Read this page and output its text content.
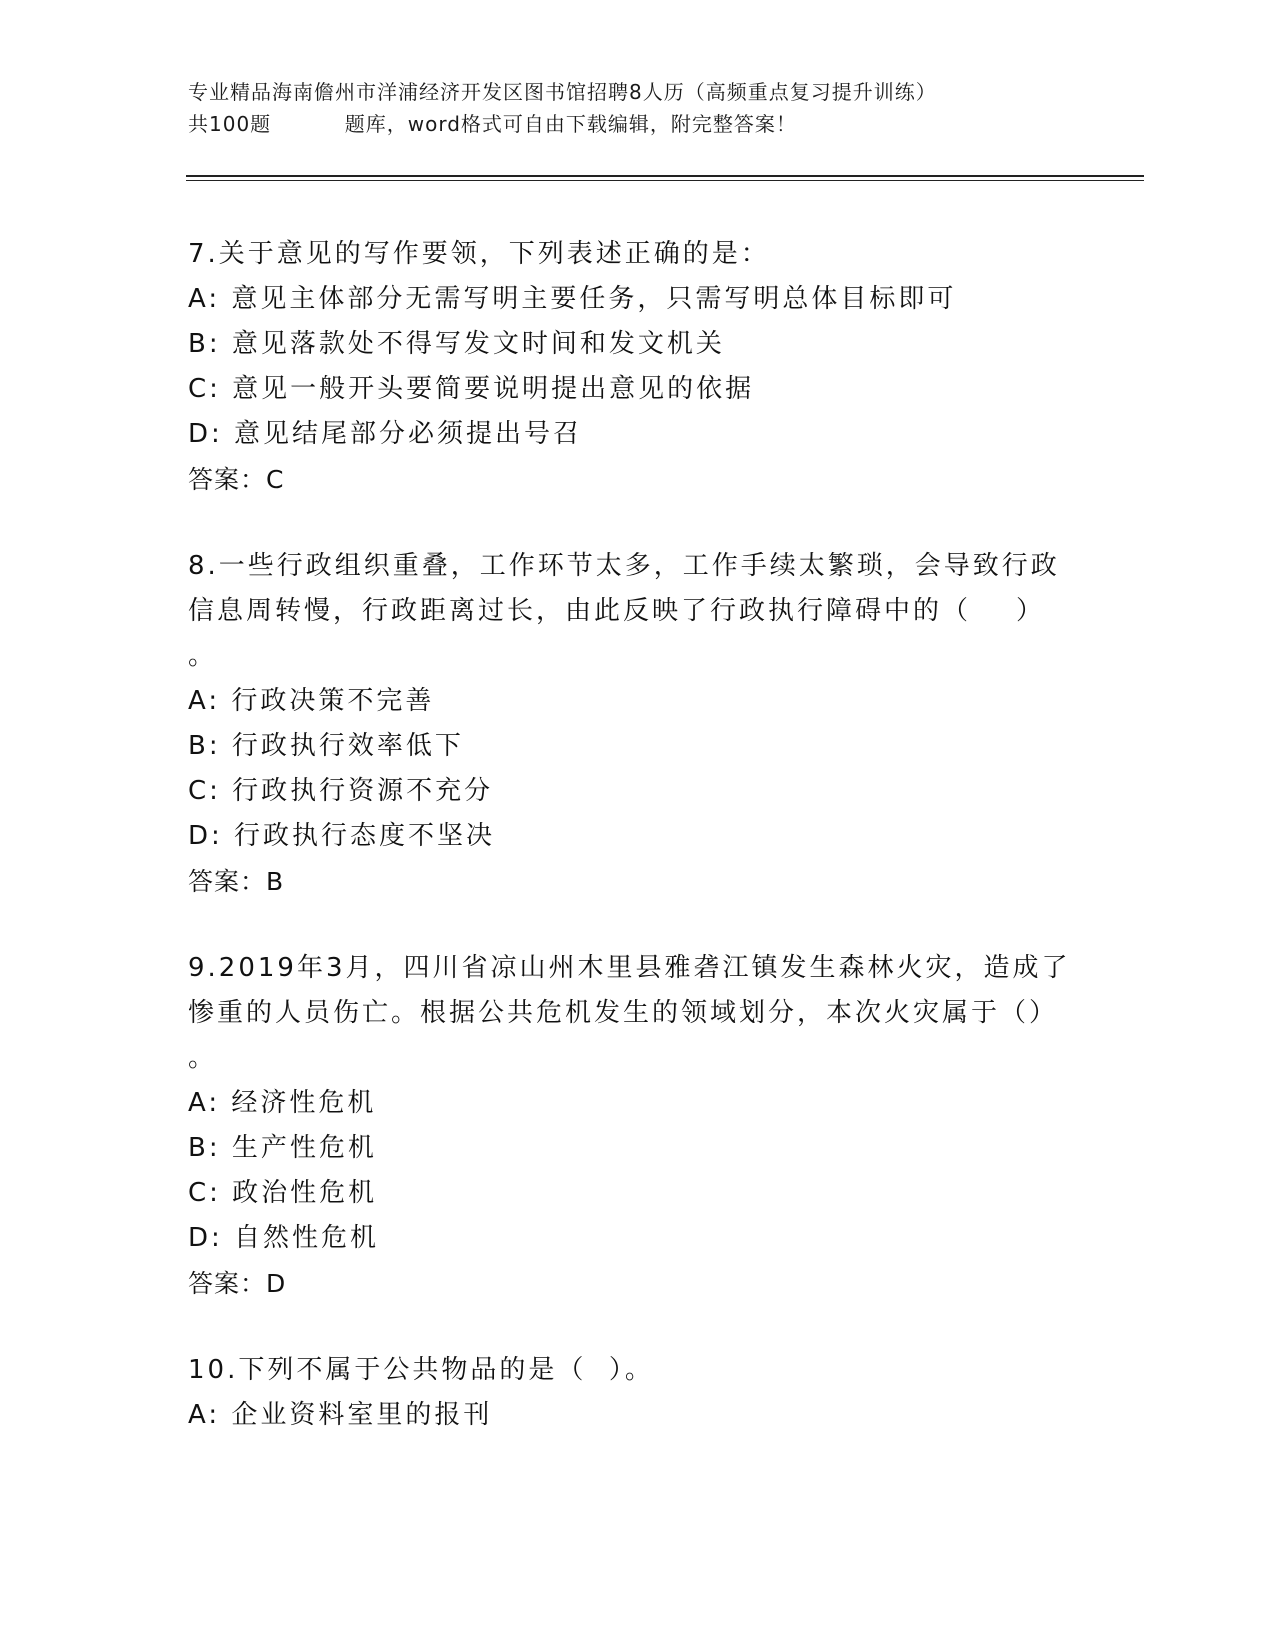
专业精品海南儋州市洋浦经济开发区图书馆招聘8人历（高频重点复习提升训练）
共100题          题库，word格式可自由下载编辑，附完整答案！
7.关于意见的写作要领，下列表述正确的是：
A: 意见主体部分无需写明主要任务，只需写明总体目标即可
B: 意见落款处不得写发文时间和发文机关
C: 意见一般开头要简要说明提出意见的依据
D: 意见结尾部分必须提出号召
答案：C
8.一些行政组织重叠，工作环节太多，工作手续太繁琐，会导致行政信息周转慢，行政距离过长，由此反映了行政执行障碍中的（    ）
。
A: 行政决策不完善
B: 行政执行效率低下
C: 行政执行资源不充分
D: 行政执行态度不坚决
答案：B
9.2019年3月，四川省凉山州木里县雅砻江镇发生森林火灾，造成了惨重的人员伤亡。根据公共危机发生的领域划分，本次火灾属于（）
。
A: 经济性危机
B: 生产性危机
C: 政治性危机
D: 自然性危机
答案：D
10.下列不属于公共物品的是（  ）。
A: 企业资料室里的报刊
